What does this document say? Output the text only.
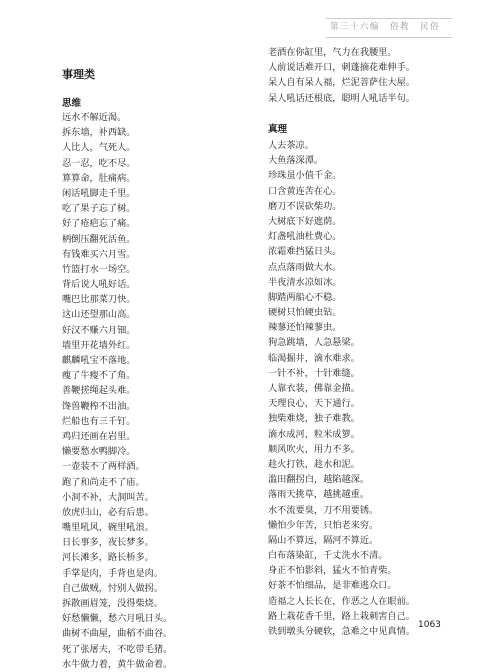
第三十六编　俗教　民俗
事理类
思维
远水不解近渴。
拆东墙，补西缺。
人比人，气死人。
忍一忍，吃不尽。
算算命，肚痛病。
闲话吼脚走千里。
吃了果子忘了树。
好了疮疤忘了痛。
柄倒压翻死活鱼。
有钱难买六月雪。
竹篮打水一场空。
背后说人吼好话。
嘴巴比那菜刀快。
这山还望那山高。
好汉不赚六月钿。
墙里开花墙外红。
麒麟吼宝不落地。
瘦了牛瘦不了角。
善鞭搓绳起头难。
馋兽鞭榨不出油。
烂船也有三千钉。
鸡归还画在岩里。
懒要愁水鸭脚冷。
一壶装不了两样酒。
跑了和尚走不了庙。
小洞不补，大洞叫苦。
放虎归山，必有后患。
嘴里吼风，碗里吼浪。
日长事多，夜长梦多。
河长滩多，路长桥多。
手掌是肉，手背也是肉。
自己做贼，忖别人做拐。
拆散画眉笼，没得柴烧。
好愁懒懒，愁六月吼日头。
曲树不曲屋，曲稻不曲谷。
死了张屠夫，不吃带毛猪。
水牛做力着，黄牛做命着。
老酒在你缸里，气力在我腰里。
人前说话难开口，刺蓬摘花难伸手。
呆人自有呆人福，烂泥菩萨住大屋。
呆人吼话还根底，聪明人吼话半句。
真理
人去茶凉。
大鱼落深潭。
珍珠虽小值千金。
口含黄连苦在心。
磨刀不误砍柴功。
大树底下好遮荫。
灯盏吼油杜费心。
浓霜难挡猛日头。
点点落雨做大水。
半夜清水凉如冰。
脚踏两船心不稳。
硬树只怕硬虫钻。
辣蓼还怕辣蓼虫。
狗急跳墙，人急悬梁。
临渴掘井，滴水难求。
一针不补，十针难缝。
人靠衣装，佛靠金描。
天理良心，天下通行。
独柴难烧，独子难教。
滴水成河，粒米成箩。
顺风吹火，用力不多。
趁火打铁，趁水和泥。
滥田翻拐白，越陷越深。
落雨天挑草，越挑越重。
水不流要臭，刀不用要锈。
懒怕少年苦，只怕老来穷。
隔山不算远，隔河不算近。
白布落染缸，千丈洗水不清。
身正不怕影斜，猛火不怕青柴。
好茶不怕细品，是非难逃众口。
造福之人长长在，作恶之人在眼前。
路上栽花香千里，路上栽刺害自己。
铁到墩头分硬软，急难之中见真情。
1063
